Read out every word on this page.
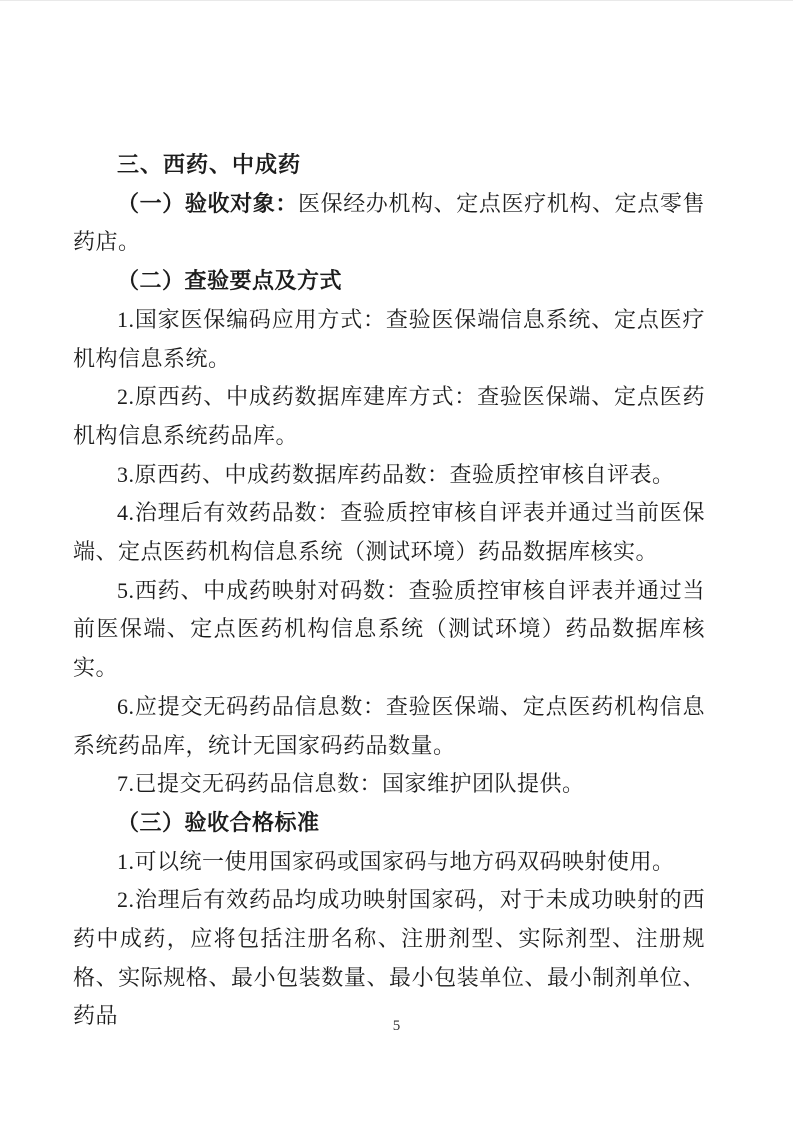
三、西药、中成药

（一）验收对象：医保经办机构、定点医疗机构、定点零售药店。

（二）查验要点及方式

1.国家医保编码应用方式：查验医保端信息系统、定点医疗机构信息系统。

2.原西药、中成药数据库建库方式：查验医保端、定点医药机构信息系统药品库。

3.原西药、中成药数据库药品数：查验质控审核自评表。

4.治理后有效药品数：查验质控审核自评表并通过当前医保端、定点医药机构信息系统（测试环境）药品数据库核实。

5.西药、中成药映射对码数：查验质控审核自评表并通过当前医保端、定点医药机构信息系统（测试环境）药品数据库核实。

6.应提交无码药品信息数：查验医保端、定点医药机构信息系统药品库，统计无国家码药品数量。

7.已提交无码药品信息数：国家维护团队提供。

（三）验收合格标准

1.可以统一使用国家码或国家码与地方码双码映射使用。

2.治理后有效药品均成功映射国家码，对于未成功映射的西药中成药，应将包括注册名称、注册剂型、实际剂型、注册规格、实际规格、最小包装数量、最小包装单位、最小制剂单位、药品	5
